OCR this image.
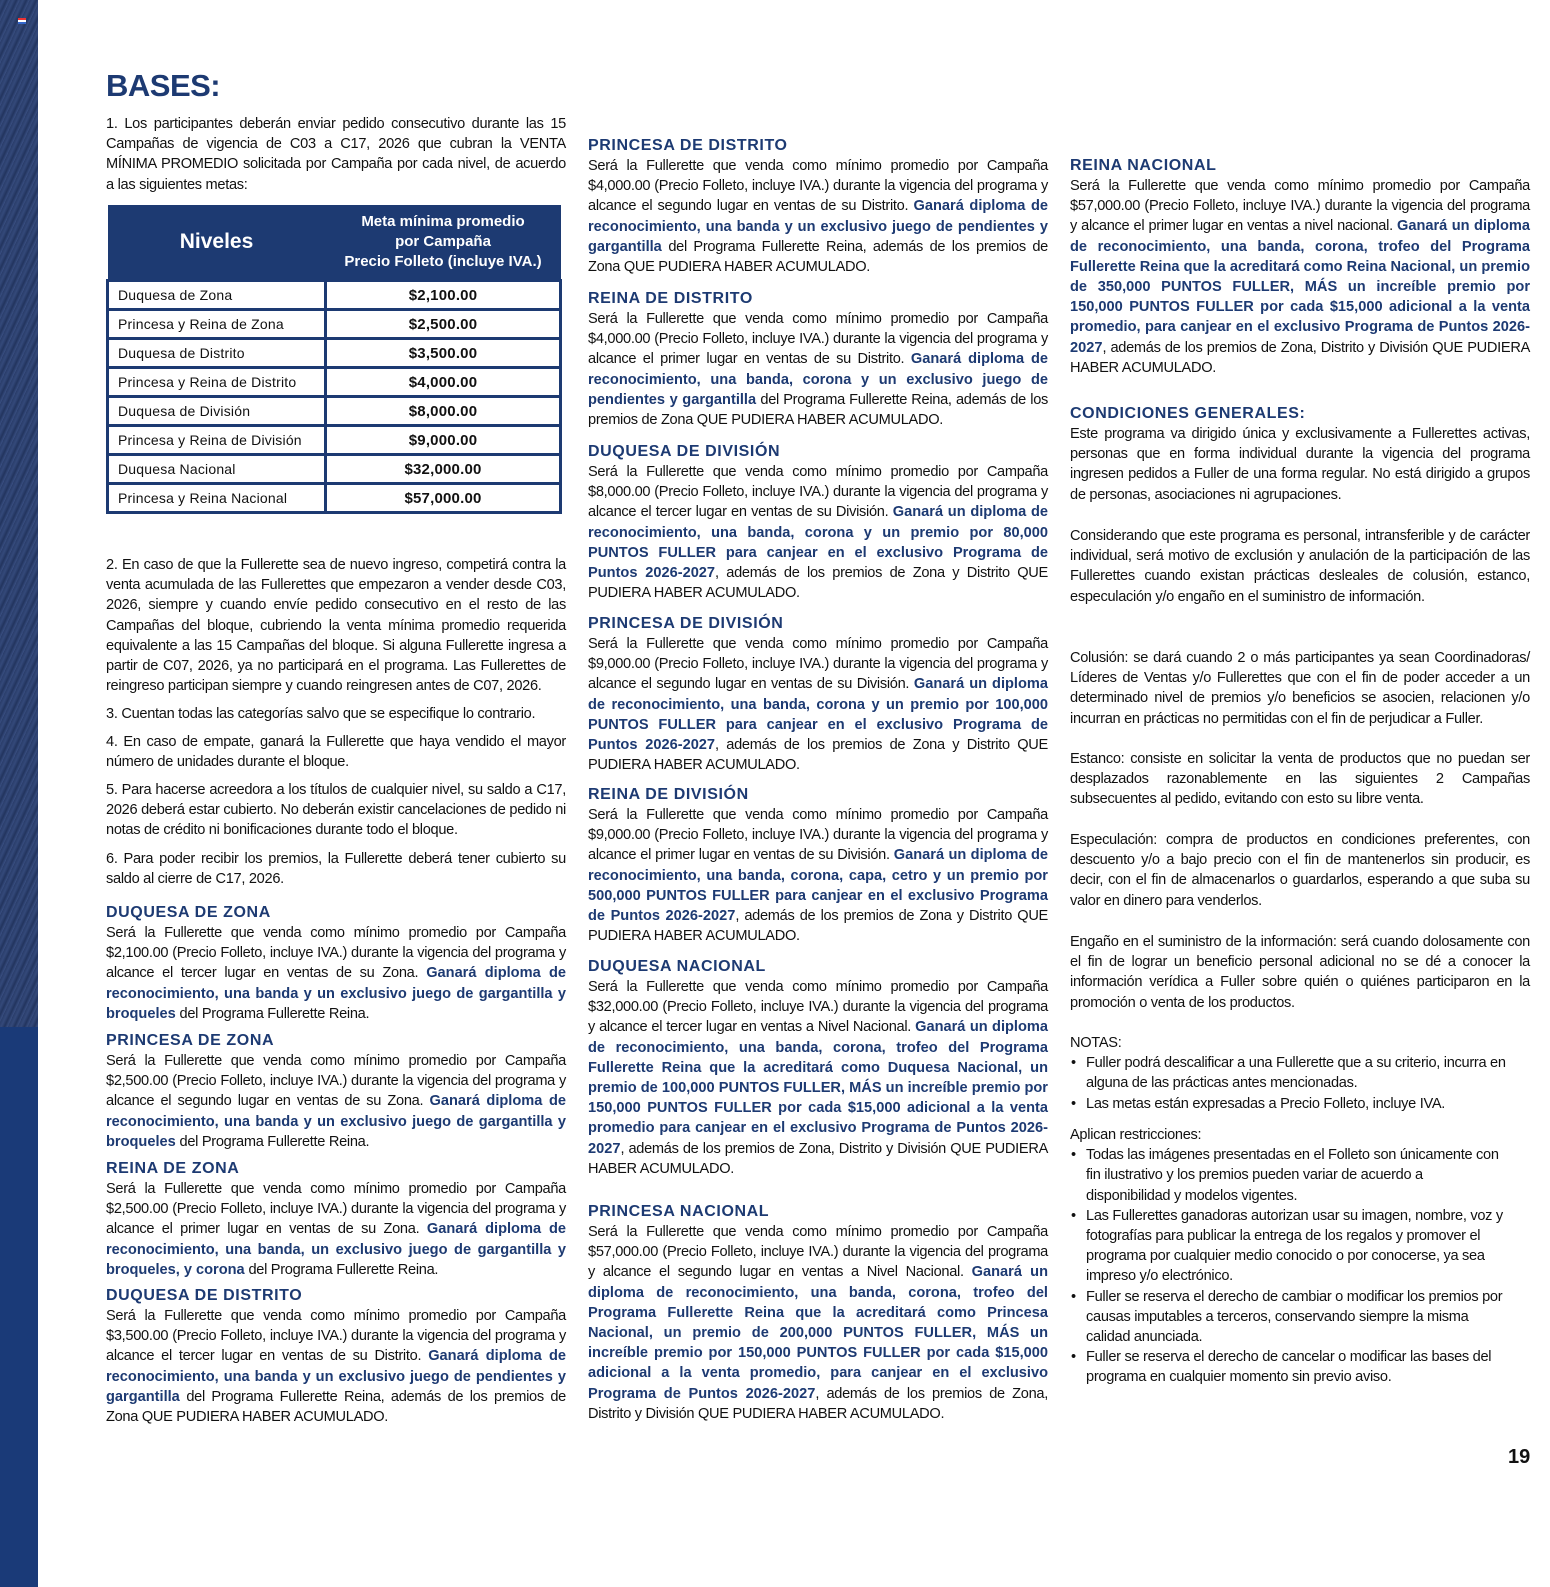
BASES:

1. Los participantes deberán enviar pedido consecutivo durante las 15 Campañas de vigencia de C03 a C17, 2026 que cubran la VENTA MÍNIMA PROMEDIO solicitada por Campaña por cada nivel, de acuerdo a las siguientes metas:

Niveles	Meta mínima promedio
por Campaña
Precio Folleto (incluye IVA.)

Duquesa de Zona	$2,100.00
Princesa y Reina de Zona	$2,500.00
Duquesa de Distrito	$3,500.00
Princesa y Reina de Distrito	$4,000.00
Duquesa de División	$8,000.00
Princesa y Reina de División	$9,000.00
Duquesa Nacional	$32,000.00
Princesa y Reina Nacional	$57,000.00

2. En caso de que la Fullerette sea de nuevo ingreso, competirá contra la venta acumulada de las Fullerettes que empezaron a vender desde C03, 2026, siempre y cuando envíe pedido consecutivo en el resto de las Campañas del bloque, cubriendo la venta mínima promedio requerida equivalente a las 15 Campañas del bloque. Si alguna Fullerette ingresa a partir de C07, 2026, ya no participará en el programa. Las Fullerettes de reingreso participan siempre y cuando reingresen antes de C07, 2026.

3. Cuentan todas las categorías salvo que se especifique lo contrario.

4. En caso de empate, ganará la Fullerette que haya vendido el mayor número de unidades durante el bloque.

5. Para hacerse acreedora a los títulos de cualquier nivel, su saldo a C17, 2026 deberá estar cubierto. No deberán existir cancelaciones de pedido ni notas de crédito ni bonificaciones durante todo el bloque.

6. Para poder recibir los premios, la Fullerette deberá tener cubierto su saldo al cierre de C17, 2026.

DUQUESA DE ZONA

Será la Fullerette que venda como mínimo promedio por Campaña $2,100.00 (Precio Folleto, incluye IVA.) durante la vigencia del programa y alcance el tercer lugar en ventas de su Zona. Ganará diploma de reconocimiento, una banda y un exclusivo juego de gargantilla y broqueles del Programa Fullerette Reina.

PRINCESA DE ZONA

Será la Fullerette que venda como mínimo promedio por Campaña $2,500.00 (Precio Folleto, incluye IVA.) durante la vigencia del programa y alcance el segundo lugar en ventas de su Zona. Ganará diploma de reconocimiento, una banda y un exclusivo juego de gargantilla y broqueles del Programa Fullerette Reina.

REINA DE ZONA

Será la Fullerette que venda como mínimo promedio por Campaña $2,500.00 (Precio Folleto, incluye IVA.) durante la vigencia del programa y alcance el primer lugar en ventas de su Zona. Ganará diploma de reconocimiento, una banda, un exclusivo juego de gargantilla y broqueles, y corona del Programa Fullerette Reina.

DUQUESA DE DISTRITO

Será la Fullerette que venda como mínimo promedio por Campaña $3,500.00 (Precio Folleto, incluye IVA.) durante la vigencia del programa y alcance el tercer lugar en ventas de su Distrito. Ganará diploma de reconocimiento, una banda y un exclusivo juego de pendientes y gargantilla del Programa Fullerette Reina, además de los premios de Zona QUE PUDIERA HABER ACUMULADO.

PRINCESA DE DISTRITO

Será la Fullerette que venda como mínimo promedio por Campaña $4,000.00 (Precio Folleto, incluye IVA.) durante la vigencia del programa y alcance el segundo lugar en ventas de su Distrito. Ganará diploma de reconocimiento, una banda y un exclusivo juego de pendientes y gargantilla del Programa Fullerette Reina, además de los premios de Zona QUE PUDIERA HABER ACUMULADO.

REINA DE DISTRITO

Será la Fullerette que venda como mínimo promedio por Campaña $4,000.00 (Precio Folleto, incluye IVA.) durante la vigencia del programa y alcance el primer lugar en ventas de su Distrito. Ganará diploma de reconocimiento, una banda, corona y un exclusivo juego de pendientes y gargantilla del Programa Fullerette Reina, además de los premios de Zona QUE PUDIERA HABER ACUMULADO.

DUQUESA DE DIVISIÓN

Será la Fullerette que venda como mínimo promedio por Campaña $8,000.00 (Precio Folleto, incluye IVA.) durante la vigencia del programa y alcance el tercer lugar en ventas de su División. Ganará un diploma de reconocimiento, una banda, corona y un premio por 80,000 PUNTOS FULLER para canjear en el exclusivo Programa de Puntos 2026-2027, además de los premios de Zona y Distrito QUE PUDIERA HABER ACUMULADO.

PRINCESA DE DIVISIÓN

Será la Fullerette que venda como mínimo promedio por Campaña $9,000.00 (Precio Folleto, incluye IVA.) durante la vigencia del programa y alcance el segundo lugar en ventas de su División. Ganará un diploma de reconocimiento, una banda, corona y un premio por 100,000 PUNTOS FULLER para canjear en el exclusivo Programa de Puntos 2026-2027, además de los premios de Zona y Distrito QUE PUDIERA HABER ACUMULADO.

REINA DE DIVISIÓN

Será la Fullerette que venda como mínimo promedio por Campaña $9,000.00 (Precio Folleto, incluye IVA.) durante la vigencia del programa y alcance el primer lugar en ventas de su División. Ganará un diploma de reconocimiento, una banda, corona, capa, cetro y un premio por 500,000 PUNTOS FULLER para canjear en el exclusivo Programa de Puntos 2026-2027, además de los premios de Zona y Distrito QUE PUDIERA HABER ACUMULADO.

DUQUESA NACIONAL

Será la Fullerette que venda como mínimo promedio por Campaña $32,000.00 (Precio Folleto, incluye IVA.) durante la vigencia del programa y alcance el tercer lugar en ventas a Nivel Nacional. Ganará un diploma de reconocimiento, una banda, corona, trofeo del Programa Fullerette Reina que la acreditará como Duquesa Nacional, un premio de 100,000 PUNTOS FULLER, MÁS un increíble premio por 150,000 PUNTOS FULLER por cada $15,000 adicional a la venta promedio para canjear en el exclusivo Programa de Puntos 2026-2027, además de los premios de Zona, Distrito y División QUE PUDIERA HABER ACUMULADO.

PRINCESA NACIONAL

Será la Fullerette que venda como mínimo promedio por Campaña $57,000.00 (Precio Folleto, incluye IVA.) durante la vigencia del programa y alcance el segundo lugar en ventas a Nivel Nacional. Ganará un diploma de reconocimiento, una banda, corona, trofeo del Programa Fullerette Reina que la acreditará como Princesa Nacional, un premio de 200,000 PUNTOS FULLER, MÁS un increíble premio por 150,000 PUNTOS FULLER por cada $15,000 adicional a la venta promedio, para canjear en el exclusivo Programa de Puntos 2026-2027, además de los premios de Zona, Distrito y División QUE PUDIERA HABER ACUMULADO.

REINA NACIONAL

Será la Fullerette que venda como mínimo promedio por Campaña $57,000.00 (Precio Folleto, incluye IVA.) durante la vigencia del programa y alcance el primer lugar en ventas a nivel nacional. Ganará un diploma de reconocimiento, una banda, corona, trofeo del Programa Fullerette Reina que la acreditará como Reina Nacional, un premio de 350,000 PUNTOS FULLER, MÁS un increíble premio por 150,000 PUNTOS FULLER por cada $15,000 adicional a la venta promedio, para canjear en el exclusivo Programa de Puntos 2026-2027, además de los premios de Zona, Distrito y División QUE PUDIERA HABER ACUMULADO.

CONDICIONES GENERALES:

Este programa va dirigido única y exclusivamente a Fullerettes activas, personas que en forma individual durante la vigencia del programa ingresen pedidos a Fuller de una forma regular. No está dirigido a grupos de personas, asociaciones ni agrupaciones.

Considerando que este programa es personal, intransferible y de carácter individual, será motivo de exclusión y anulación de la participación de las Fullerettes cuando existan prácticas desleales de colusión, estanco, especulación y/o engaño en el suministro de información.

Colusión: se dará cuando 2 o más participantes ya sean Coordinadoras/ Líderes de Ventas y/o Fullerettes que con el fin de poder acceder a un determinado nivel de premios y/o beneficios se asocien, relacionen y/o incurran en prácticas no permitidas con el fin de perjudicar a Fuller.

Estanco: consiste en solicitar la venta de productos que no puedan ser desplazados razonablemente en las siguientes 2 Campañas subsecuentes al pedido, evitando con esto su libre venta.

Especulación: compra de productos en condiciones preferentes, con descuento y/o a bajo precio con el fin de mantenerlos sin producir, es decir, con el fin de almacenarlos o guardarlos, esperando a que suba su valor en dinero para venderlos.

Engaño en el suministro de la información: será cuando dolosamente con el fin de lograr un beneficio personal adicional no se dé a conocer la información verídica a Fuller sobre quién o quiénes participaron en la promoción o venta de los productos.

NOTAS:

• Fuller podrá descalificar a una Fullerette que a su criterio, incurra en alguna de las prácticas antes mencionadas.
• Las metas están expresadas a Precio Folleto, incluye IVA.

Aplican restricciones:

• Todas las imágenes presentadas en el Folleto son únicamente con fin ilustrativo y los premios pueden variar de acuerdo a disponibilidad y modelos vigentes.
• Las Fullerettes ganadoras autorizan usar su imagen, nombre, voz y fotografías para publicar la entrega de los regalos y promover el programa por cualquier medio conocido o por conocerse, ya sea impreso y/o electrónico.
• Fuller se reserva el derecho de cambiar o modificar los premios por causas imputables a terceros, conservando siempre la misma calidad anunciada.
• Fuller se reserva el derecho de cancelar o modificar las bases del programa en cualquier momento sin previo aviso.
19
